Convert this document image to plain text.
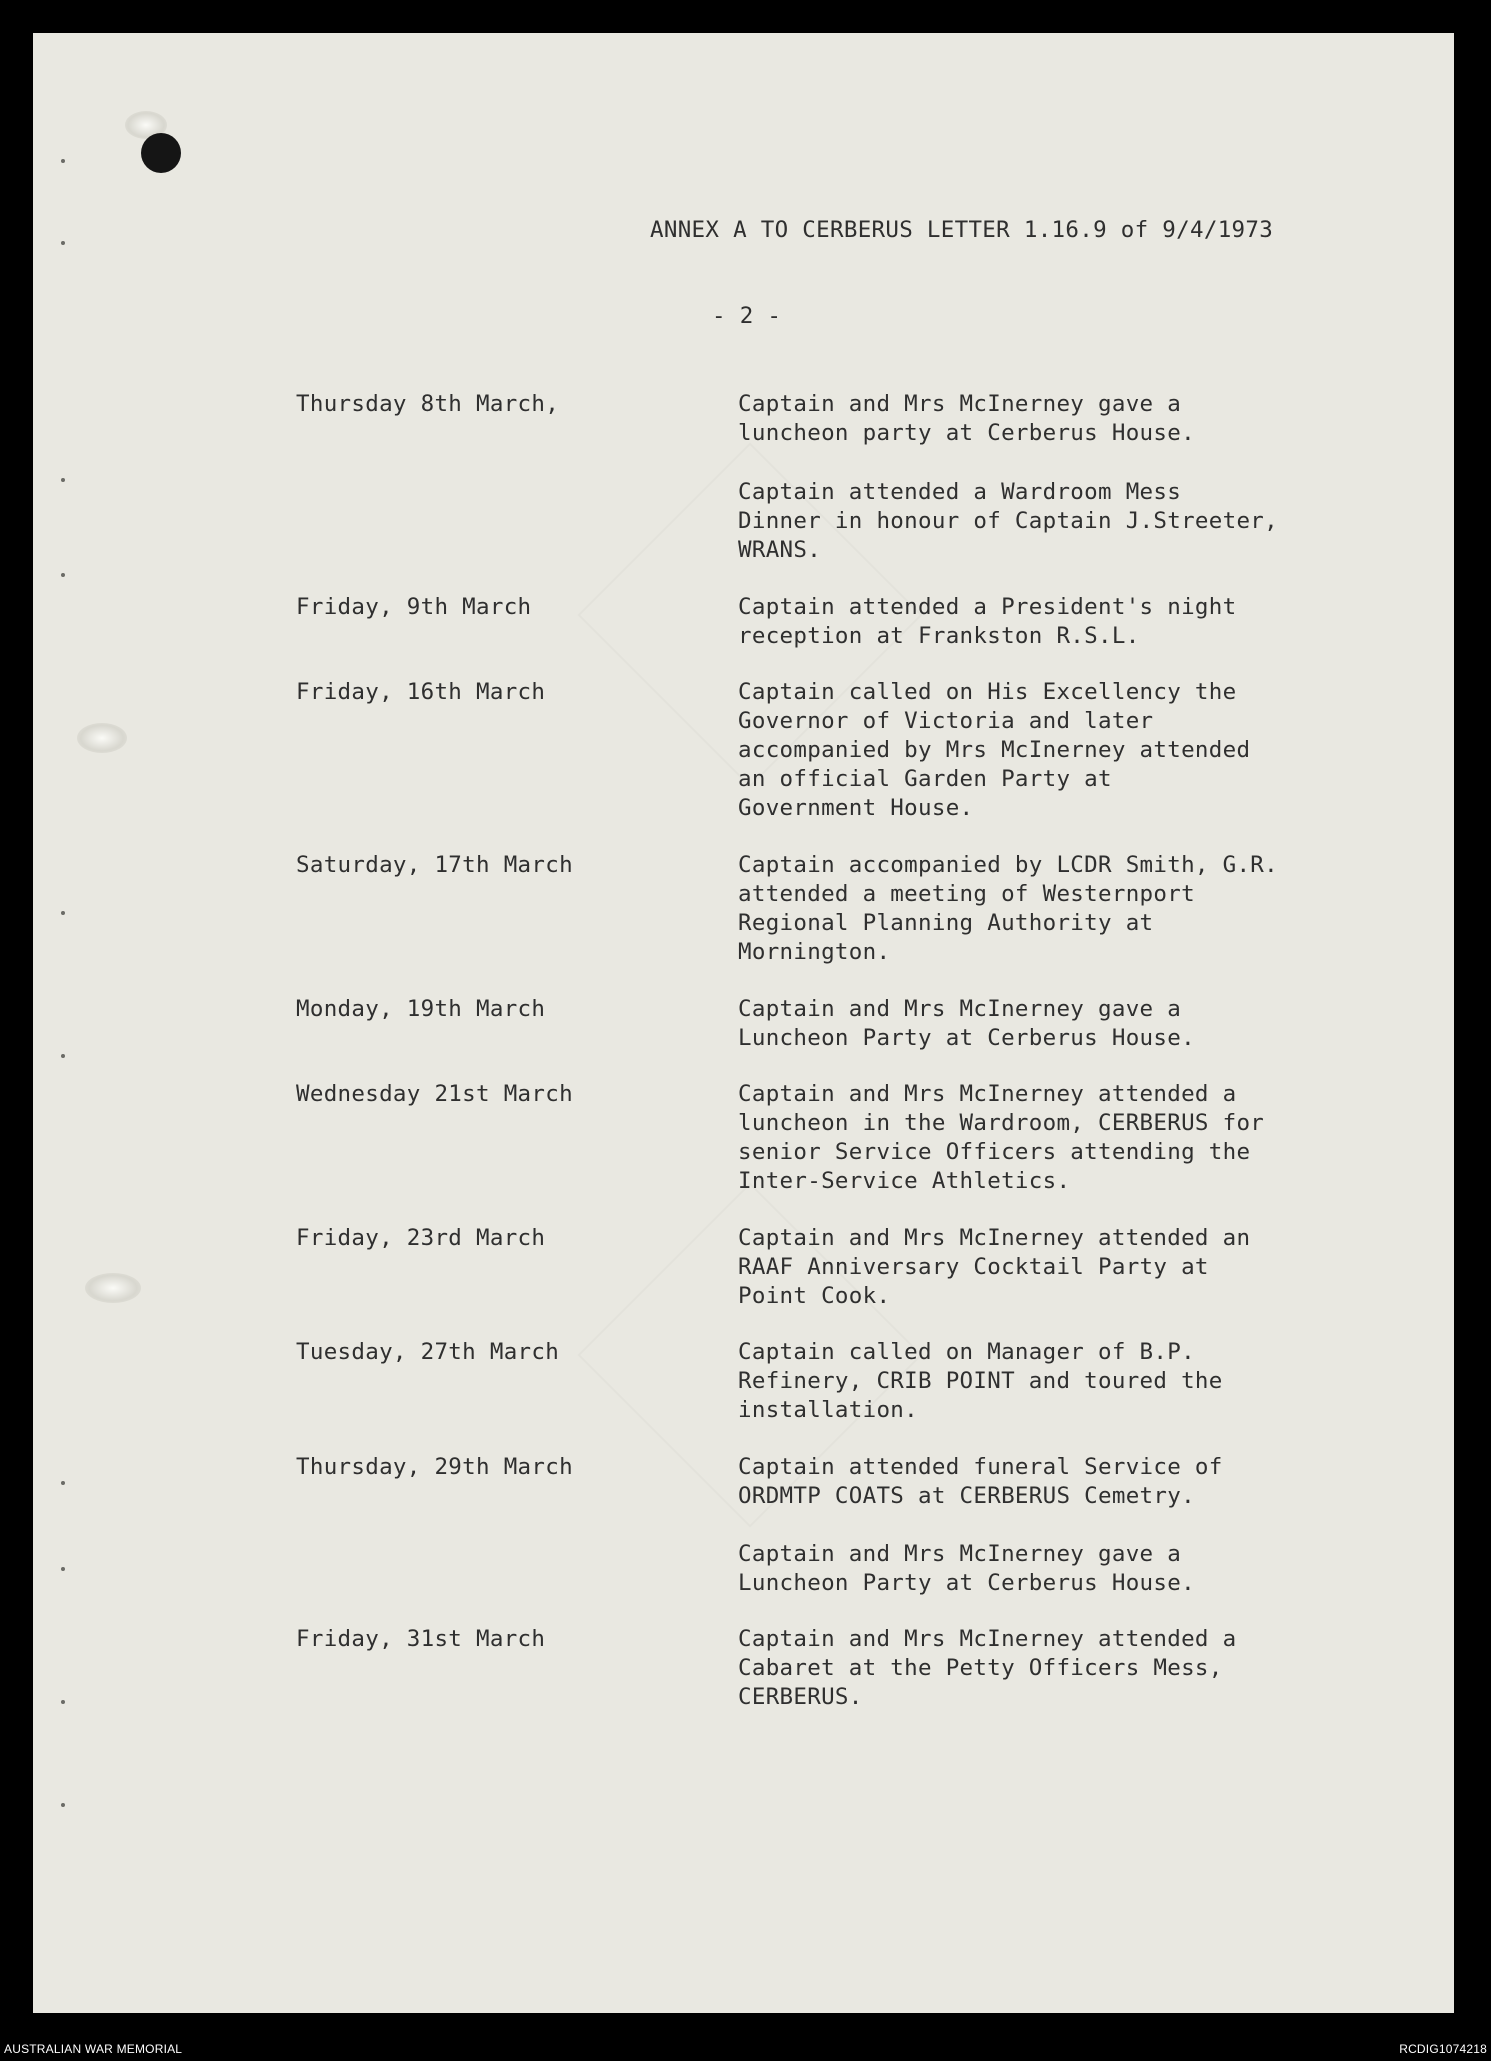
ANNEX A TO CERBERUS LETTER 1.16.9 of 9/4/1973
- 2 -
Thursday 8th March,	Captain and Mrs McInerney gave a
luncheon party at Cerberus House.
Captain attended a Wardroom Mess
Dinner in honour of Captain J.Streeter,
WRANS.
Friday, 9th March	Captain attended a President's night
reception at Frankston R.S.L.
Friday, 16th March	Captain called on His Excellency the
Governor of Victoria and later
accompanied by Mrs McInerney attended
an official Garden Party at
Government House.
Saturday, 17th March	Captain accompanied by LCDR Smith, G.R.
attended a meeting of Westernport
Regional Planning Authority at
Mornington.
Monday, 19th March	Captain and Mrs McInerney gave a
Luncheon Party at Cerberus House.
Wednesday 21st March	Captain and Mrs McInerney attended a
luncheon in the Wardroom, CERBERUS for
senior Service Officers attending the
Inter-Service Athletics.
Friday, 23rd March	Captain and Mrs McInerney attended an
RAAF Anniversary Cocktail Party at
Point Cook.
Tuesday, 27th March	Captain called on Manager of B.P.
Refinery, CRIB POINT and toured the
installation.
Thursday, 29th March	Captain attended funeral Service of
ORDMTP COATS at CERBERUS Cemetry.
Captain and Mrs McInerney gave a
Luncheon Party at Cerberus House.
Friday, 31st March	Captain and Mrs McInerney attended a
Cabaret at the Petty Officers Mess,
CERBERUS.
AUSTRALIAN WAR MEMORIAL	RCDIG1074218
